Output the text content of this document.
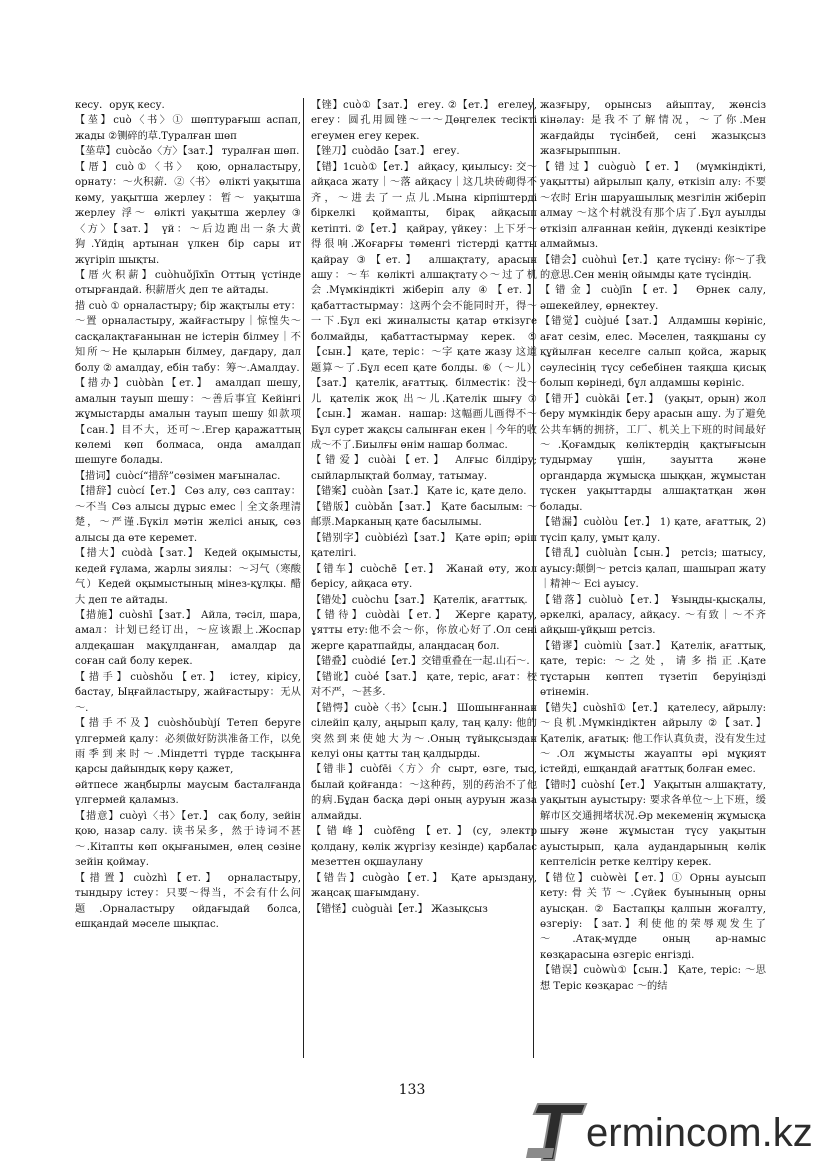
кесу．оруқ кесу.

【莝】cuò〈书〉① шөптурағыш аспап, жады ②铡碎的草.Туралған шөп

【莝草】cuòcǎo〈方〉【зат.】 туралған шөп.

【厝】cuò①〈书〉 қою, орналастыру, орнату：～火积薪．②〈书〉 өлікті уақытша көму, уақытша жерлеу：暂～ уақытша жерлеу 浮～ өлікті уақытша жерлеу ③〈方〉【зат.】 үй：～后边跑出一条大黄狗.Үйдің артынан үлкен бір сары ит жүгіріп шықты.

【厝火积薪】cuòhuǒjīxīn Оттың үстінде отырғандай. 积薪厝火 деп те айтады.

措 cuò ① орналастыру; бір жақтылы ету：～置 орналастыру, жайғастыру｜惊惶失～сасқалақтағанынан не істерін білмеу｜不知所～Не қыларын білмеу, дағдару, дал болу ② амалдау, ебін табу：筹～.Амалдау.

【措办】cuòbàn【ет.】 амалдап шешу, амалын тауып шешу：～善后事宜 Кейінгі жұмыстарды амалын тауып шешу 如款项【сан.】目不大，还可～.Егер қаражаттың көлемі көп болмаса, онда амалдап шешуге болады.

【措词】cuòcí“措辞”сөзімен мағыналас.

【措辞】cuòcí【ет.】 Сөз алу, сөз саптау：～不当 Сөз алысы дұрыс емес｜全文条理清楚，～严谨.Бүкіл мәтін желісі анық, сөз алысы да өте керемет.

【措大】cuòdà【зат.】 Кедей оқымысты, кедей ғұлама, жарлы зиялы：～习气（寒酸气）Кедей оқымыстының мінез-құлқы. 醋大 деп те айтады.

【措施】cuòshī【зат.】 Айла, тәсіл, шара, амал：计划已经订出，～应该跟上.Жоспар алдеқашан мақұлданған, амалдар да соған сай болу керек.

【措手】cuòshǒu【ет.】 істеу, кірісу, бастау, Ыңғайластыру, жайғастыру：无从～.

【措手不及】cuòshǒubùjí Тетеп беруге үлгермей қалу：必须做好防洪准备工作，以免雨季到来时～.Міндетті түрде тасқынға қарсы дайындық көру қажет,

әйтпесе жаңбырлы маусым басталғанда үлгермей қаламыз.

【措意】cuòyì〈书〉【ет.】 сақ болу, зейін қою, назар салу. 读书呆多，然于诗词不甚～.Кітапты көп оқығанымен, өлең сөзіне зейін қоймау.

【措置】cuòzhì【ет.】 орналастыру, тындыру істеу：只要～得当，不会有什么问题.Орналастыру ойдағыдай болса, ешқандай мәселе шықпас.

【锉】cuò①【зат.】 егеу. ②【ет.】 егелеу, егеу：圆孔用圆锉～一～Дөңгелек тесікті егеумен егеу керек.

【锉刀】cuòdāo【зат.】 егеу.

【错】1cuò①【ет.】 айқасу, қиылысу: 交～айқаса жату｜～落 айқасу｜这几块砖砌得不齐，～进去了一点儿.Мына кірпіштерді біркелкі қоймапты, бірақ айқасып кетіпті. ②【ет.】 қайрау, үйкеу：上下牙～得很响.Жоғарғы төменгі тістерді қатты қайрау ③【ет.】 алшақтату, арасын ашу：～车 көлікті алшақтату◇～过了机会.Мүмкіндікті жіберіп алу ④【ет.】 қабаттастырмау：这两个会不能同时开，得～一下.Бұл екі жиналысты қатар өткізуге болмайды, қабаттастырмау керек. ⑤【сын.】 қате, теріс：～字 қате жазу 这道题算～了.Бұл есеп қате болды. ⑥（～儿）【зат.】 қателік, ағаттық．білместік：没～儿 қателік жоқ 出～儿.Қателік шығу ⑦【сын.】 жаман．нашар: 这幅画儿画得不～Бұл сурет жақсы салынған екен｜今年的收成～不了.Биылғы өнім нашар болмас.

【错爱】cuòài【ет.】 Алғыс білдіру; сыйларлықтай болмау, татымау.

【错案】cuòàn【зат.】 Қате іс, қате дело.

【错版】cuòbǎn【зат.】 Қате басылым: ～邮票.Марканың қате басылымы.

【错别字】cuòbiézì【зат.】 Қате әріп; әріп қателігі.

【错车】cuòchē【ет.】 Жанай өту, жол берісу, айқаса өту.

【错处】cuòchu【зат.】 Қателік, ағаттық.

【错待】cuòdài【ет.】 Жерге қарату, ұятты ету:他不会～你，你放心好了.Ол сені жерге қаратпайды, алаңдасаң бол.

【错叠】cuòdié【ет.】交错重叠在一起.山石～.

【错讹】cuòé【зат.】 қате, теріс, ағат：校对不严，～甚多.

【错愕】cuòè〈书〉【сын.】 Шошынғаннан сілейіп қалу, аңырып қалу, таң қалу: 他的突然到来使她大为～.Оның тұйықсыздан келуі оны қатты таң қалдырды.

【错非】cuòfēi〈方〉介 сырт, өзге, тыс, былай қойғанда：～这种药，别的药治不了他的病.Бұдан басқа дәрі оның ауруын жаза алмайды.

【错峰】cuòfēng【ет.】(су, электр қолдану, көлік жүргізу кезінде) қарбалас мезеттен оқшаулану

【错告】cuògào【ет.】 Қате арыздану, жаңсақ шағымдану.

【错怪】cuòguài【ет.】 Жазықсыз

жазғыру, орынсыз айыптау, жөнсіз кінәлау: 是我不了解情况，～了你.Мен жағдайды түсінбей, сені жазықсыз жазғырыппын.

【错过】cuòguò【ет.】 (мүмкіндікті, уақытты) айрылып қалу, өткізіп алу: 不要～农时 Егін шаруашылық мезгілін жіберіп алмау ～这个村就没有那个店了.Бұл ауылды өткізіп алғаннан кейін, дүкенді кезіктіре алмаймыз.

【错会】cuòhuì【ет.】 қате түсіну: 你～了我的意思.Сен менің ойымды қате түсіндің.

【错金】cuòjīn【ет.】 Өрнек салу, әшекейлеу, өрнектеу.

【错觉】cuòjué【зат.】 Алдамшы көрініс, ағат сезім, елес. Мәселен, таяқшаны су құйылған кеселге салып қойса, жарық сәулесінің түсу себебінен таяқша қисық болып көрінеді, бұл алдамшы көрініс.

【错开】cuòkāi【ет.】 (уақыт, орын) жол беру мүмкіндік беру арасын ашу. 为了避免公共车辆的拥挤，工厂、机关上下班的时间最好～.Қоғамдық көліктердің қақтығысын тудырмау үшін, зауытта және органдарда жұмысқа шыққан, жұмыстан түскен уақыттарды алшақтатқан жөн болады.

【错漏】cuòlòu【ет.】 1) қате, ағаттық, 2) түсіп қалу, ұмыт қалу.

【错乱】cuòluàn【сын.】 ретсіз; шатысу, ауысу:颠倒～ ретсіз қалап, шашырап жату｜精神～ Есі ауысу.

【错落】cuòluò【ет.】 ¥зыңды-қысқалы, әркелкі, араласу, айқасу. ～有致｜～不齐 айқыш-ұйқыш ретсіз.

【错谬】cuòmiù【зат.】 Қателік, ағаттық, қате, теріс: ～之处，请多指正.Қате тұстарын көптеп түзетіп беруіңізді өтінемін.

【错失】cuòshī①【ет.】 қателесу, айрылу: ～良机.Мүмкіндіктен айрылу ②【зат.】Қателік, ағатық: 他工作认真负责，没有发生过～.Ол жұмысты жауапты әрі мұқият істейді, ешқандай ағаттық болған емес.

【错时】cuòshí【ет.】 Уақытын алшақтату, уақытын ауыстыру: 要求各单位～上下班，缓解市区交通拥堵状况.Әр мекеменің жұмысқа шығу және жұмыстан түсу уақытын ауыстырып, қала аудандарының көлік кептелісін ретке келтіру керек.

【错位】cuòwèi【ет.】① Орны ауысып кету:骨关节～.Сүйек буынының орны ауысқан. ② Бастапқы қалпын жоғалту, өзгеріу: 【зат.】利使他的荣辱观发生了～.Атақ-мүдде оның ар-намыс көзқарасына өзгеріс енгізді.

【错误】cuòwù①【сын.】 Қате, теріс: ～思想 Теріс көзқарас ～的结

133
ermincom.kz
